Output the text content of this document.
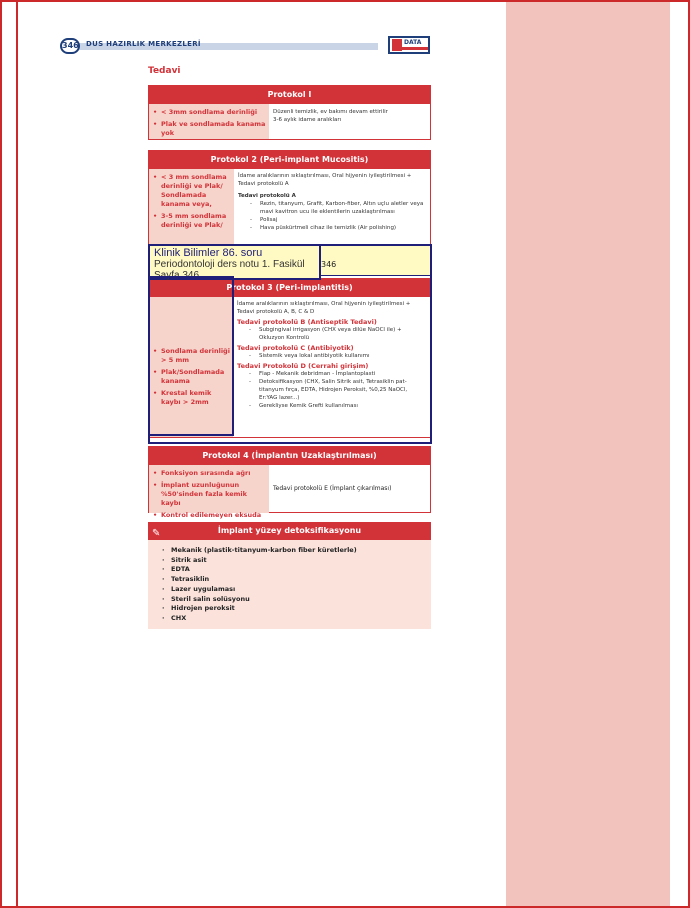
346 DUS HAZIRLIK MERKEZLERİ	DATA
Tedavi
Protokol I
• < 3mm sondlama derinliği
• Plak ve sondlamada kanama yok
Düzenli temizlik, ev bakımı devam ettirilir
3-6 aylık idame aralıkları
Protokol 2 (Peri-implant Mucositis)
• < 3 mm sondlama derinliği ve Plak/ Sondlamada kanama veya,
• 3-5 mm sondlama derinliği ve Plak/
İdame aralıklarının sıklaştırılması, Oral hijyenin iyileştirilmesi + Tedavi protokolü A
Tedavi protokolü A
- Rezin, titanyum, Grafit, Karbon-fiber, Altın uçlu aletler veya mavi kavitron ucu ile eklentilerin uzaklaştırılması
- Polisaj
- Hava püskürtmeli cihaz ile temizlik (Air polishing)
Protokol 3 (Peri-implantitis)
• Sondlama derinliği > 5 mm
• Plak/Sondlamada kanama
• Krestal kemik kaybı > 2mm
İdame aralıklarının sıklaştırılması, Oral hijyenin iyileştirilmesi + Tedavi protokolü A, B, C & D
Tedavi protokolü B (Antiseptik Tedavi)
- Subgingival irrigasyon (CHX veya dilüe NaOCl ile) + Okluzyon Kontrolü
Tedavi protokolü C (Antibiyotik)
- Sistemik veya lokal antibiyotik kullanımı
Tedavi Protokolü D (Cerrahi girişim)
- Flap - Mekanik debridman - İmplantoplasti
- Detoksifikasyon (CHX, Salin Sitrik asit, Tetrasiklin pat-titanyum fırça, EDTA, Hidrojen Peroksit, %0,25 NaOCl, Er:YAG lazer...)
- Gerekliyse Kemik Grefti kullanılması
Protokol 4 (İmplantın Uzaklaştırılması)
• Fonksiyon sırasında ağrı
• İmplant uzunluğunun %50'sinden fazla kemik kaybı
• Kontrol edilemeyen eksuda
Tedavi protokolü E (İmplant çıkarılması)
✎	İmplant yüzey detoksifikasyonu
· Mekanik (plastik-titanyum-karbon fiber küretlerle)
· Sitrik asit
· EDTA
· Tetrasiklin
· Lazer uygulaması
· Steril salin solüsyonu
· Hidrojen peroksit
· CHX
346
Klinik Bilimler 86. soru
Periodontoloji ders notu 1. Fasikül
Sayfa 346
